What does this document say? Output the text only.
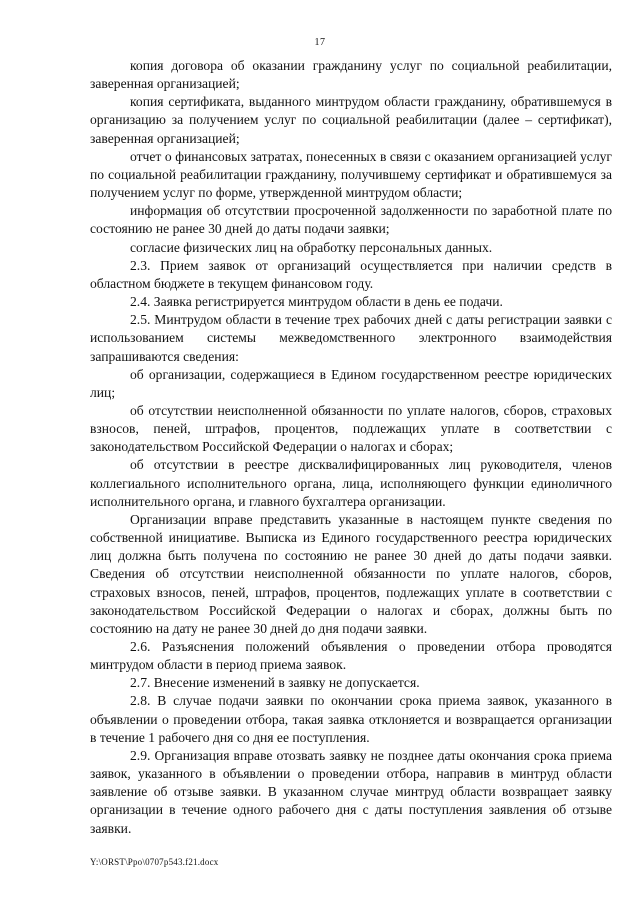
17

копия договора об оказании гражданину услуг по социальной реабилитации, заверенная организацией;

копия сертификата, выданного минтрудом области гражданину, обратившемуся в организацию за получением услуг по социальной реабилитации (далее – сертификат), заверенная организацией;

отчет о финансовых затратах, понесенных в связи с оказанием организацией услуг по социальной реабилитации гражданину, получившему сертификат и обратившемуся за получением услуг по форме, утвержденной минтрудом области;

информация об отсутствии просроченной задолженности по заработной плате по состоянию не ранее 30 дней до даты подачи заявки;

согласие физических лиц на обработку персональных данных.

2.3. Прием заявок от организаций осуществляется при наличии средств в областном бюджете в текущем финансовом году.

2.4. Заявка регистрируется минтрудом области в день ее подачи.

2.5. Минтрудом области в течение трех рабочих дней с даты регистрации заявки с использованием системы межведомственного электронного взаимодействия запрашиваются сведения:

об организации, содержащиеся в Едином государственном реестре юридических лиц;

об отсутствии неисполненной обязанности по уплате налогов, сборов, страховых взносов, пеней, штрафов, процентов, подлежащих уплате в соответствии с законодательством Российской Федерации о налогах и сборах;

об отсутствии в реестре дисквалифицированных лиц руководителя, членов коллегиального исполнительного органа, лица, исполняющего функции единоличного исполнительного органа, и главного бухгалтера организации.

Организации вправе представить указанные в настоящем пункте сведения по собственной инициативе. Выписка из Единого государственного реестра юридических лиц должна быть получена по состоянию не ранее 30 дней до даты подачи заявки. Сведения об отсутствии неисполненной обязанности по уплате налогов, сборов, страховых взносов, пеней, штрафов, процентов, подлежащих уплате в соответствии с законодательством Российской Федерации о налогах и сборах, должны быть по состоянию на дату не ранее 30 дней до дня подачи заявки.

2.6. Разъяснения положений объявления о проведении отбора проводятся минтрудом области в период приема заявок.

2.7. Внесение изменений в заявку не допускается.

2.8. В случае подачи заявки по окончании срока приема заявок, указанного в объявлении о проведении отбора, такая заявка отклоняется и возвращается организации в течение 1 рабочего дня со дня ее поступления.

2.9. Организация вправе отозвать заявку не позднее даты окончания срока приема заявок, указанного в объявлении о проведении отбора, направив в минтруд области заявление об отзыве заявки. В указанном случае минтруд области возвращает заявку организации в течение одного рабочего дня с даты поступления заявления об отзыве заявки.

Y:\ORST\Ppo\0707p543.f21.docx
